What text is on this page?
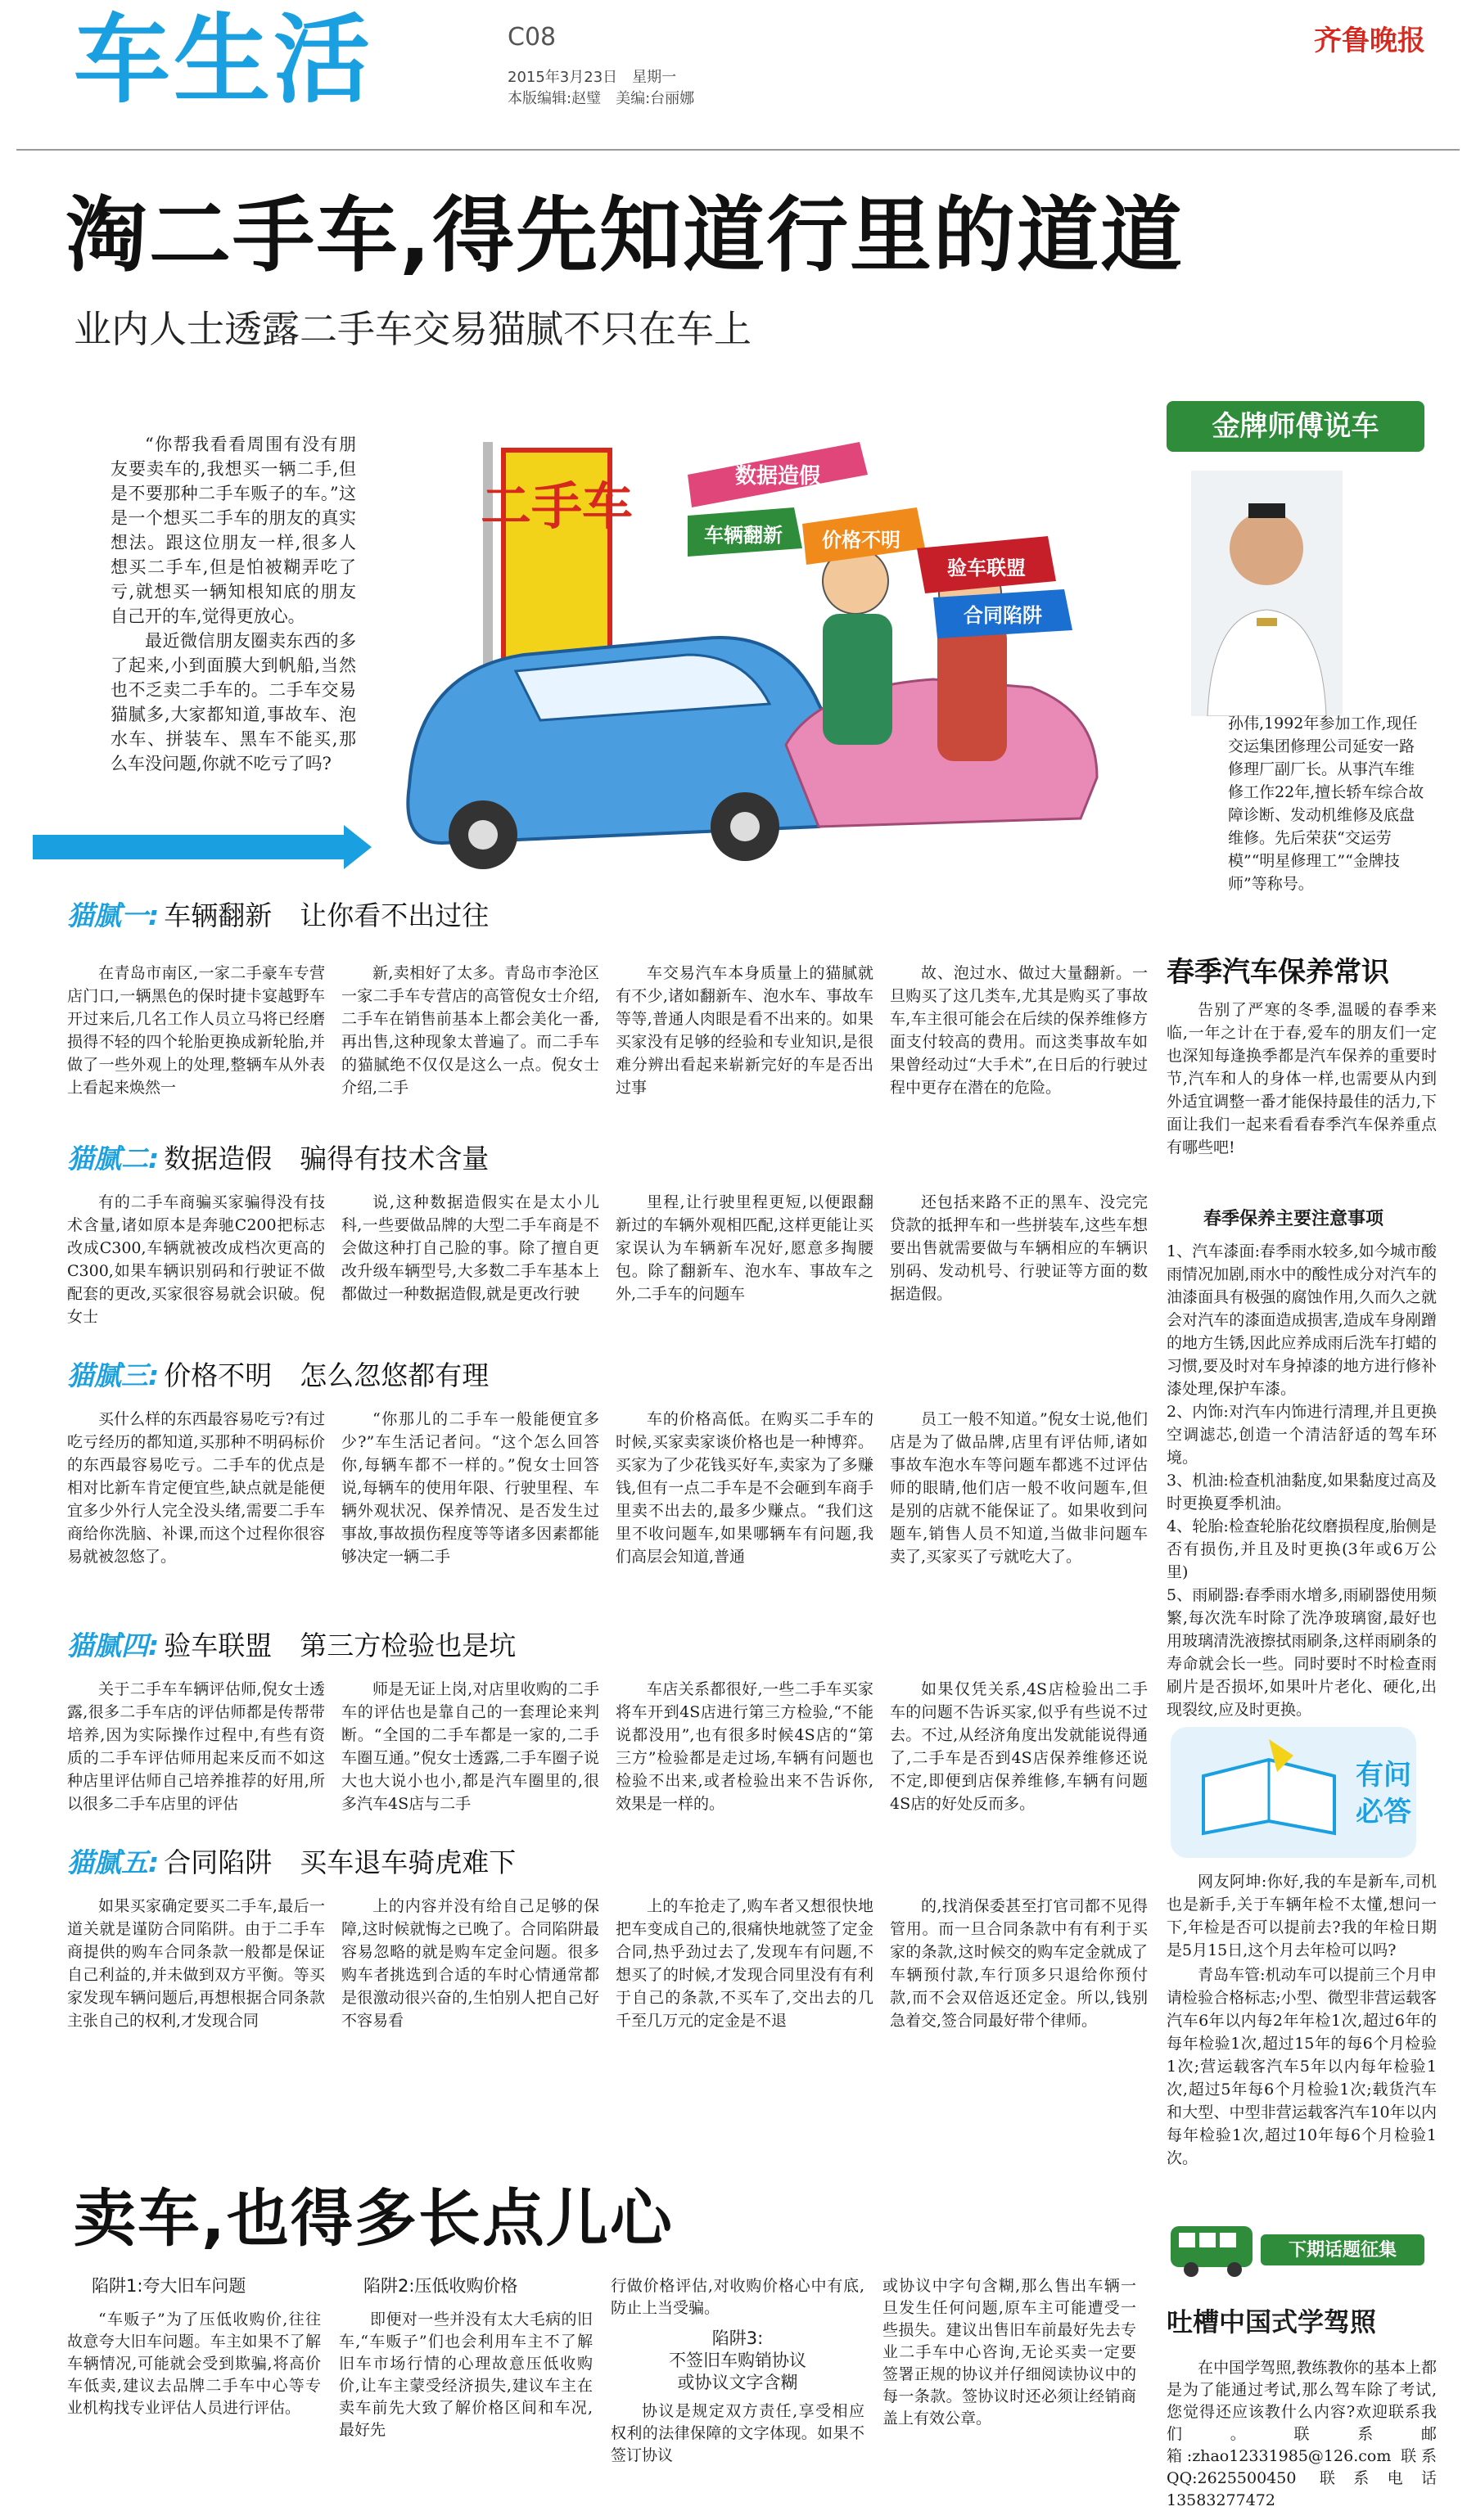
车生活	C08
2015年3月23日　星期一
本版编辑:赵璧　美编:台丽娜
齐鲁晚报
淘二手车,得先知道行里的道道
业内人士透露二手车交易猫腻不只在车上

“你帮我看看周围有没有朋友要卖车的,我想买一辆二手,但是不要那种二手车贩子的车。”这是一个想买二手车的朋友的真实想法。跟这位朋友一样,很多人想买二手车,但是怕被糊弄吃了亏,就想买一辆知根知底的朋友自己开的车,觉得更放心。

最近微信朋友圈卖东西的多了起来,小到面膜大到帆船,当然也不乏卖二手车的。二手车交易猫腻多,大家都知道,事故车、泡水车、拼装车、黑车不能买,那么车没问题,你就不吃亏了吗?

二手车	数据造假
车辆翻新 价格不明
验车联盟
合同陷阱
猫腻一: 车辆翻新 让你看不出过往

在青岛市南区,一家二手豪车专营店门口,一辆黑色的保时捷卡宴越野车开过来后,几名工作人员立马将已经磨损得不轻的四个轮胎更换成新轮胎,并做了一些外观上的处理,整辆车从外表上看起来焕然一

新,卖相好了太多。青岛市李沧区一家二手车专营店的高管倪女士介绍,二手车在销售前基本上都会美化一番,再出售,这种现象太普遍了。而二手车的猫腻绝不仅仅是这么一点。倪女士介绍,二手

车交易汽车本身质量上的猫腻就有不少,诸如翻新车、泡水车、事故车等等,普通人肉眼是看不出来的。如果买家没有足够的经验和专业知识,是很难分辨出看起来崭新完好的车是否出过事

故、泡过水、做过大量翻新。一旦购买了这几类车,尤其是购买了事故车,车主很可能会在后续的保养维修方面支付较高的费用。而这类事故车如果曾经动过“大手术”,在日后的行驶过程中更存在潜在的危险。

猫腻二: 数据造假 骗得有技术含量

有的二手车商骗买家骗得没有技术含量,诸如原本是奔驰C200把标志改成C300,车辆就被改成档次更高的C300,如果车辆识别码和行驶证不做配套的更改,买家很容易就会识破。倪女士

说,这种数据造假实在是太小儿科,一些要做品牌的大型二手车商是不会做这种打自己脸的事。除了擅自更改升级车辆型号,大多数二手车基本上都做过一种数据造假,就是更改行驶

里程,让行驶里程更短,以便跟翻新过的车辆外观相匹配,这样更能让买家误认为车辆新车况好,愿意多掏腰包。除了翻新车、泡水车、事故车之外,二手车的问题车

还包括来路不正的黑车、没完完贷款的抵押车和一些拼装车,这些车想要出售就需要做与车辆相应的车辆识别码、发动机号、行驶证等方面的数据造假。

猫腻三: 价格不明 怎么忽悠都有理

买什么样的东西最容易吃亏?有过吃亏经历的都知道,买那种不明码标价的东西最容易吃亏。二手车的优点是相对比新车肯定便宜些,缺点就是能便宜多少外行人完全没头绪,需要二手车商给你洗脑、补课,而这个过程你很容易就被忽悠了。

“你那儿的二手车一般能便宜多少?”车生活记者问。“这个怎么回答你,每辆车都不一样的。”倪女士回答说,每辆车的使用年限、行驶里程、车辆外观状况、保养情况、是否发生过事故,事故损伤程度等等诸多因素都能够决定一辆二手

车的价格高低。在购买二手车的时候,买家卖家谈价格也是一种博弈。买家为了少花钱买好车,卖家为了多赚钱,但有一点二手车是不会砸到车商手里卖不出去的,最多少赚点。“我们这里不收问题车,如果哪辆车有问题,我们高层会知道,普通

员工一般不知道。”倪女士说,他们店是为了做品牌,店里有评估师,诸如事故车泡水车等问题车都逃不过评估师的眼睛,他们店一般不收问题车,但是别的店就不能保证了。如果收到问题车,销售人员不知道,当做非问题车卖了,买家买了亏就吃大了。

猫腻四: 验车联盟 第三方检验也是坑

关于二手车车辆评估师,倪女士透露,很多二手车店的评估师都是传帮带培养,因为实际操作过程中,有些有资质的二手车评估师用起来反而不如这种店里评估师自己培养推荐的好用,所以很多二手车店里的评估

师是无证上岗,对店里收购的二手车的评估也是靠自己的一套理论来判断。“全国的二手车都是一家的,二手车圈互通。”倪女士透露,二手车圈子说大也大说小也小,都是汽车圈里的,很多汽车4S店与二手

车店关系都很好,一些二手车买家将车开到4S店进行第三方检验,“不能说都没用”,也有很多时候4S店的“第三方”检验都是走过场,车辆有问题也检验不出来,或者检验出来不告诉你,效果是一样的。

如果仅凭关系,4S店检验出二手车的问题不告诉买家,似乎有些说不过去。不过,从经济角度出发就能说得通了,二手车是否到4S店保养维修还说不定,即便到店保养维修,车辆有问题4S店的好处反而多。

猫腻五: 合同陷阱 买车退车骑虎难下

如果买家确定要买二手车,最后一道关就是谨防合同陷阱。由于二手车商提供的购车合同条款一般都是保证自己利益的,并未做到双方平衡。等买家发现车辆问题后,再想根据合同条款主张自己的权利,才发现合同

上的内容并没有给自己足够的保障,这时候就悔之已晚了。合同陷阱最容易忽略的就是购车定金问题。很多购车者挑选到合适的车时心情通常都是很激动很兴奋的,生怕别人把自己好不容易看

上的车抢走了,购车者又想很快地把车变成自己的,很痛快地就签了定金合同,热乎劲过去了,发现车有问题,不想买了的时候,才发现合同里没有有利于自己的条款,不买车了,交出去的几千至几万元的定金是不退

的,找消保委甚至打官司都不见得管用。而一旦合同条款中有有利于买家的条款,这时候交的购车定金就成了车辆预付款,车行顶多只退给你预付款,而不会双倍返还定金。所以,钱别急着交,签合同最好带个律师。

金牌师傅说车
孙伟,1992年参加工作,现任交运集团修理公司延安一路修理厂副厂长。从事汽车维修工作22年,擅长轿车综合故障诊断、发动机维修及底盘维修。先后荣获“交运劳模”“明星修理工”“金牌技师”等称号。
春季汽车保养常识

告别了严寒的冬季,温暖的春季来临,一年之计在于春,爱车的朋友们一定也深知每逢换季都是汽车保养的重要时节,汽车和人的身体一样,也需要从内到外适宜调整一番才能保持最佳的活力,下面让我们一起来看看春季汽车保养重点有哪些吧!

春季保养主要注意事项

1、汽车漆面:春季雨水较多,如今城市酸雨情况加剧,雨水中的酸性成分对汽车的油漆面具有极强的腐蚀作用,久而久之就会对汽车的漆面造成损害,造成车身剐蹭的地方生锈,因此应养成雨后洗车打蜡的习惯,要及时对车身掉漆的地方进行修补漆处理,保护车漆。

2、内饰:对汽车内饰进行清理,并且更换空调滤芯,创造一个清洁舒适的驾车环境。

3、机油:检查机油黏度,如果黏度过高及时更换夏季机油。

4、轮胎:检查轮胎花纹磨损程度,胎侧是否有损伤,并且及时更换(3年或6万公里)

5、雨刷器:春季雨水增多,雨刷器使用频繁,每次洗车时除了洗净玻璃窗,最好也用玻璃清洗液擦拭雨刷条,这样雨刷条的寿命就会长一些。同时要时不时检查雨刷片是否损坏,如果叶片老化、硬化,出现裂纹,应及时更换。

有问
必答

网友阿坤:你好,我的车是新车,司机也是新手,关于车辆年检不太懂,想问一下,年检是否可以提前去?我的年检日期是5月15日,这个月去年检可以吗?

青岛车管:机动车可以提前三个月申请检验合格标志;小型、微型非营运载客汽车6年以内每2年年检1次,超过6年的每年检验1次,超过15年的每6个月检验1次;营运载客汽车5年以内每年检验1次,超过5年每6个月检验1次;载货汽车和大型、中型非营运载客汽车10年以内每年检验1次,超过10年每6个月检验1次。

下期话题征集
吐槽中国式学驾照

在中国学驾照,教练教你的基本上都是为了能通过考试,那么驾车除了考试,您觉得还应该教什么内容?欢迎联系我们。联系邮箱:zhao12331985@126.com 联系QQ:2625500450 联系电话13583277472

卖车,也得多长点儿心
陷阱1:夸大旧车问题

“车贩子”为了压低收购价,往往故意夸大旧车问题。车主如果不了解车辆情况,可能就会受到欺骗,将高价车低卖,建议去品牌二手车中心等专业机构找专业评估人员进行评估。

陷阱2:压低收购价格

即便对一些并没有太大毛病的旧车,“车贩子”们也会利用车主不了解旧车市场行情的心理故意压低收购价,让车主蒙受经济损失,建议车主在卖车前先大致了解价格区间和车况,最好先

行做价格评估,对收购价格心中有底,防止上当受骗。

陷阱3:
不签旧车购销协议
或协议文字含糊

协议是规定双方责任,享受相应权利的法律保障的文字体现。如果不签订协议

或协议中字句含糊,那么售出车辆一旦发生任何问题,原车主可能遭受一些损失。建议出售旧车前最好先去专业二手车中心咨询,无论买卖一定要签署正规的协议并仔细阅读协议中的每一条款。签协议时还必须让经销商盖上有效公章。
